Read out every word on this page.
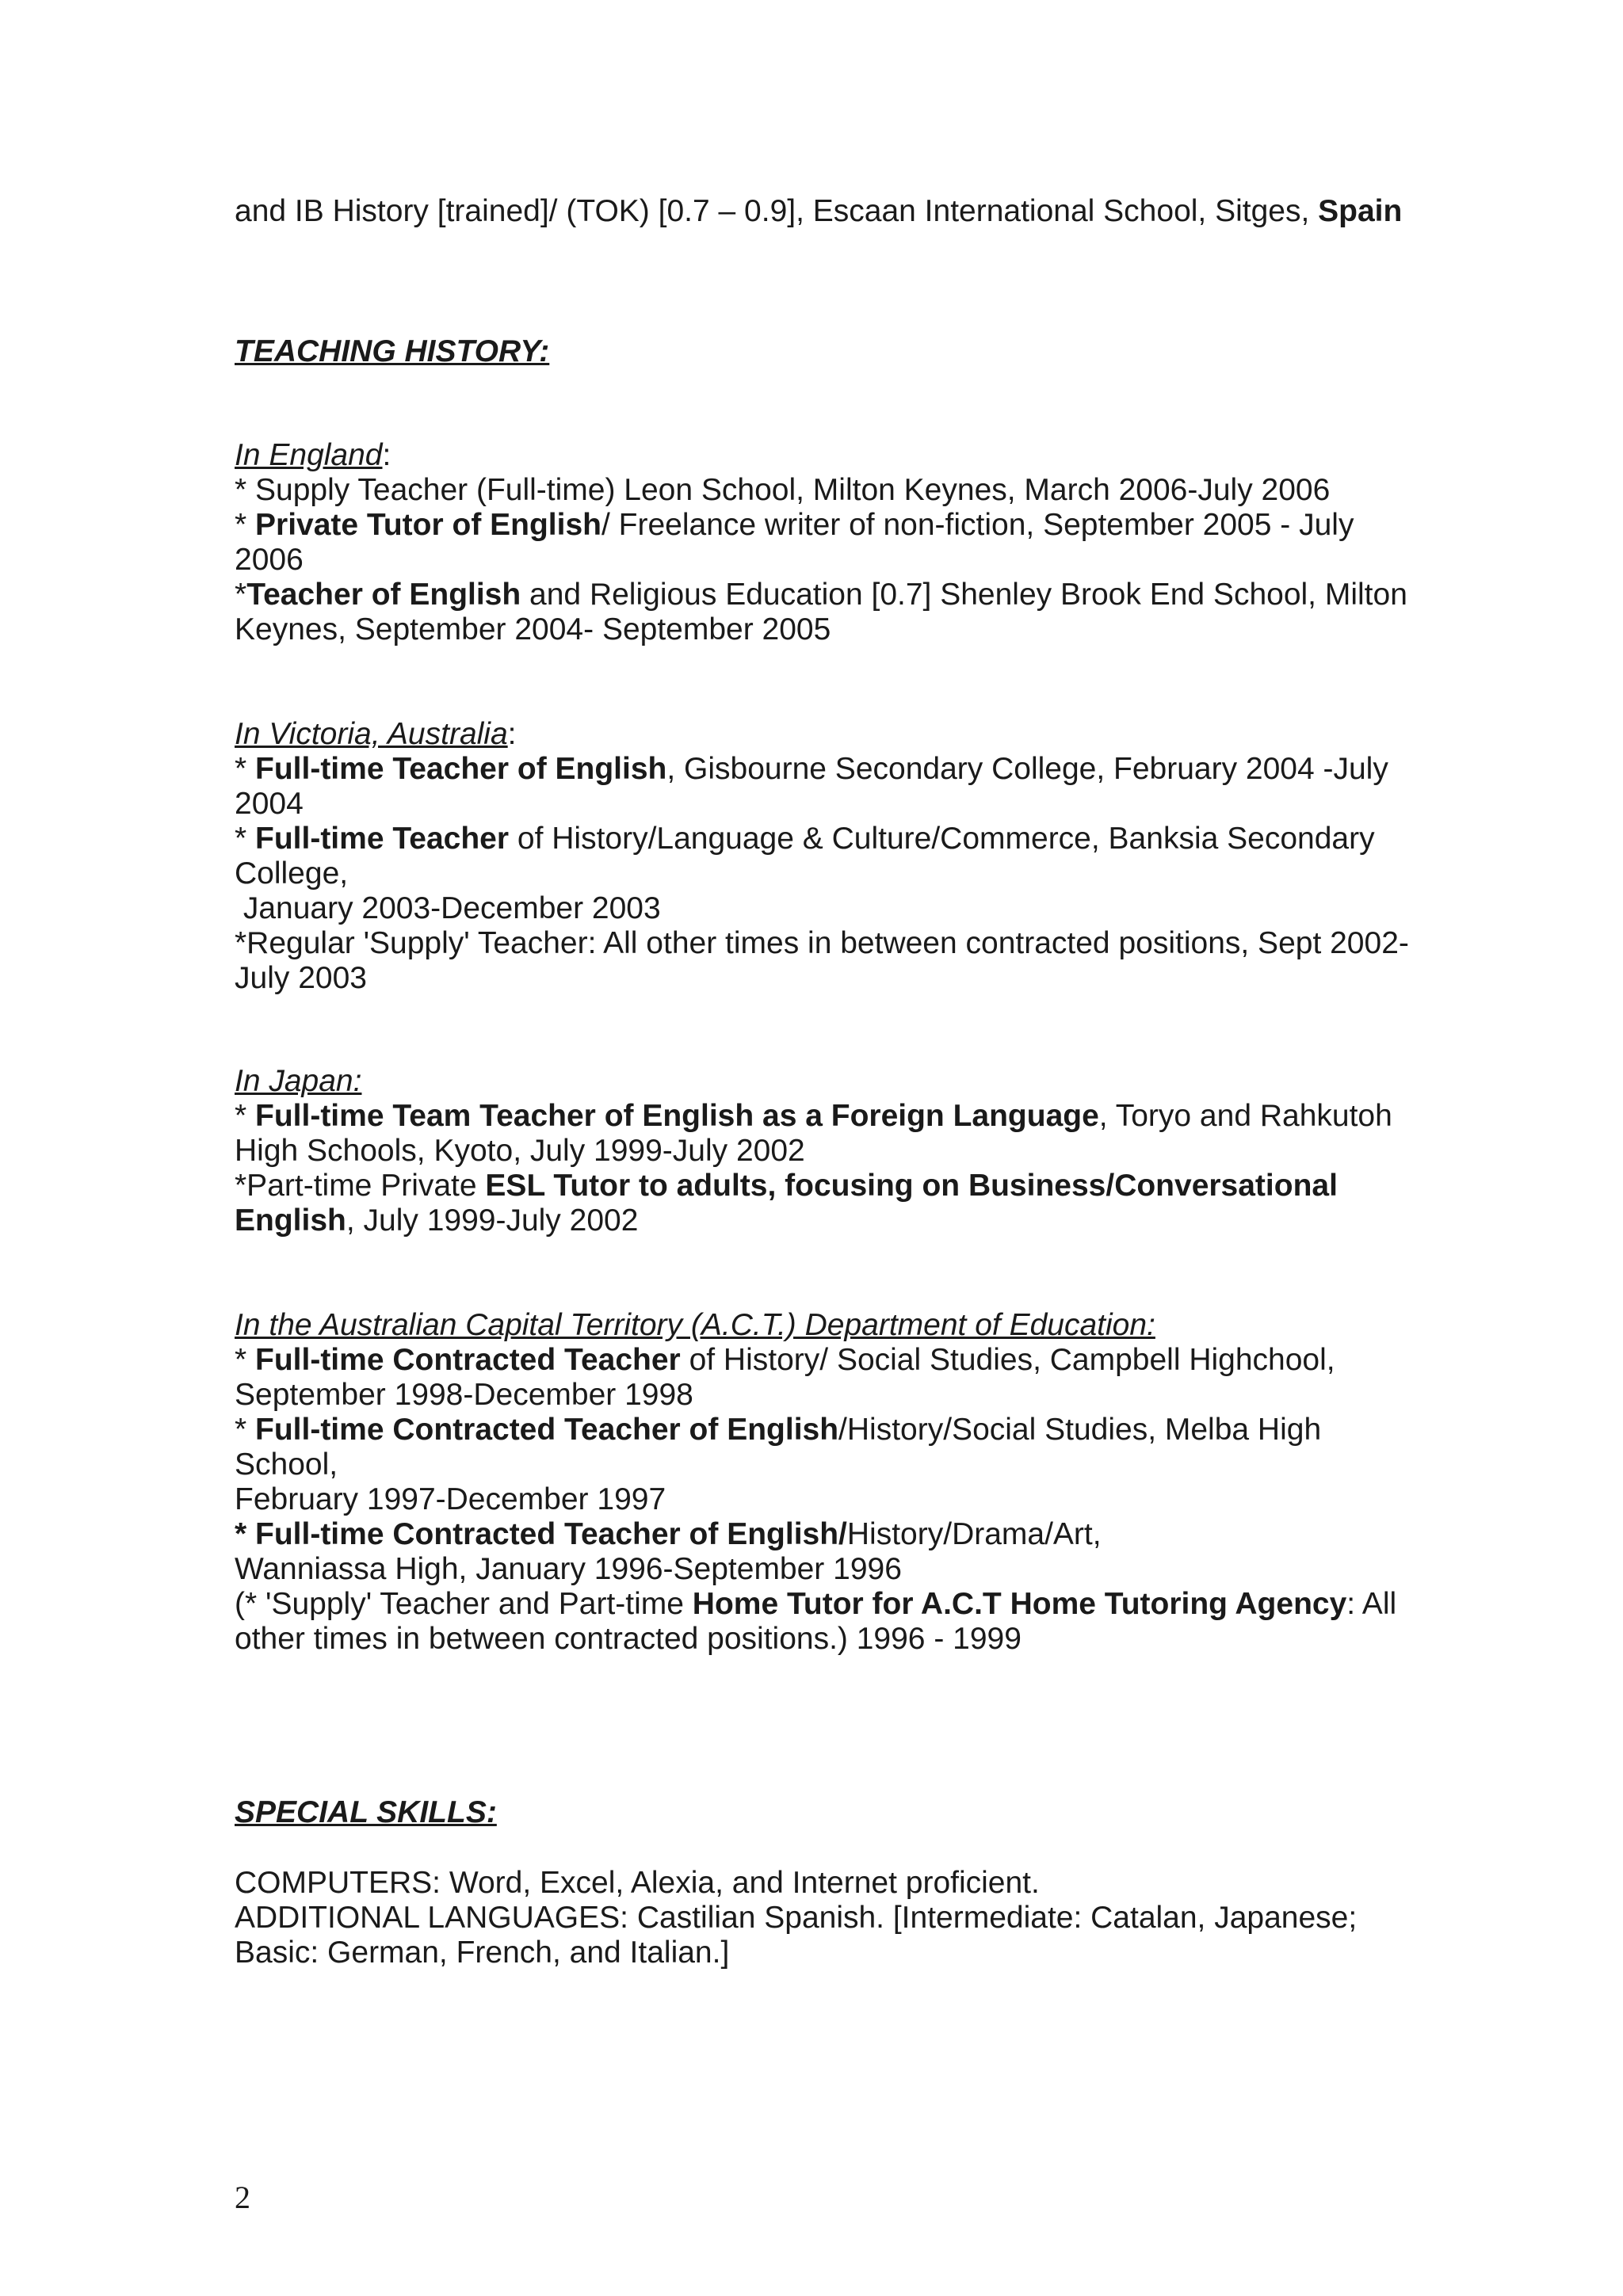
and IB History [trained]/ (TOK) [0.7 – 0.9], Escaan International School, Sitges, Spain

TEACHING HISTORY:

In England:

* Supply Teacher (Full-time) Leon School, Milton Keynes, March 2006-July 2006

* Private Tutor of English/ Freelance writer of non-fiction, September 2005 - July

2006

*Teacher of English and Religious Education [0.7] Shenley Brook End School, Milton

Keynes, September 2004- September 2005

In Victoria, Australia:

* Full-time Teacher of English, Gisbourne Secondary College, February 2004 -July

2004

* Full-time Teacher of History/Language & Culture/Commerce, Banksia Secondary

College,

January 2003-December 2003

*Regular 'Supply' Teacher: All other times in between contracted positions, Sept 2002-

July 2003

In Japan:

* Full-time Team Teacher of English as a Foreign Language, Toryo and Rahkutoh

High Schools, Kyoto, July 1999-July 2002

*Part-time Private ESL Tutor to adults, focusing on Business/Conversational

English, July 1999-July 2002

In the Australian Capital Territory (A.C.T.) Department of Education:

* Full-time Contracted Teacher of History/ Social Studies, Campbell Highchool,

September 1998-December 1998

* Full-time Contracted Teacher of English/History/Social Studies, Melba High

School,

February 1997-December 1997

* Full-time Contracted Teacher of English/History/Drama/Art,

Wanniassa High, January 1996-September 1996

(* 'Supply' Teacher and Part-time Home Tutor for A.C.T Home Tutoring Agency: All

other times in between contracted positions.) 1996 - 1999

SPECIAL SKILLS:

COMPUTERS: Word, Excel, Alexia, and Internet proficient.

ADDITIONAL LANGUAGES: Castilian Spanish. [Intermediate: Catalan, Japanese;

Basic: German, French, and Italian.]

2
